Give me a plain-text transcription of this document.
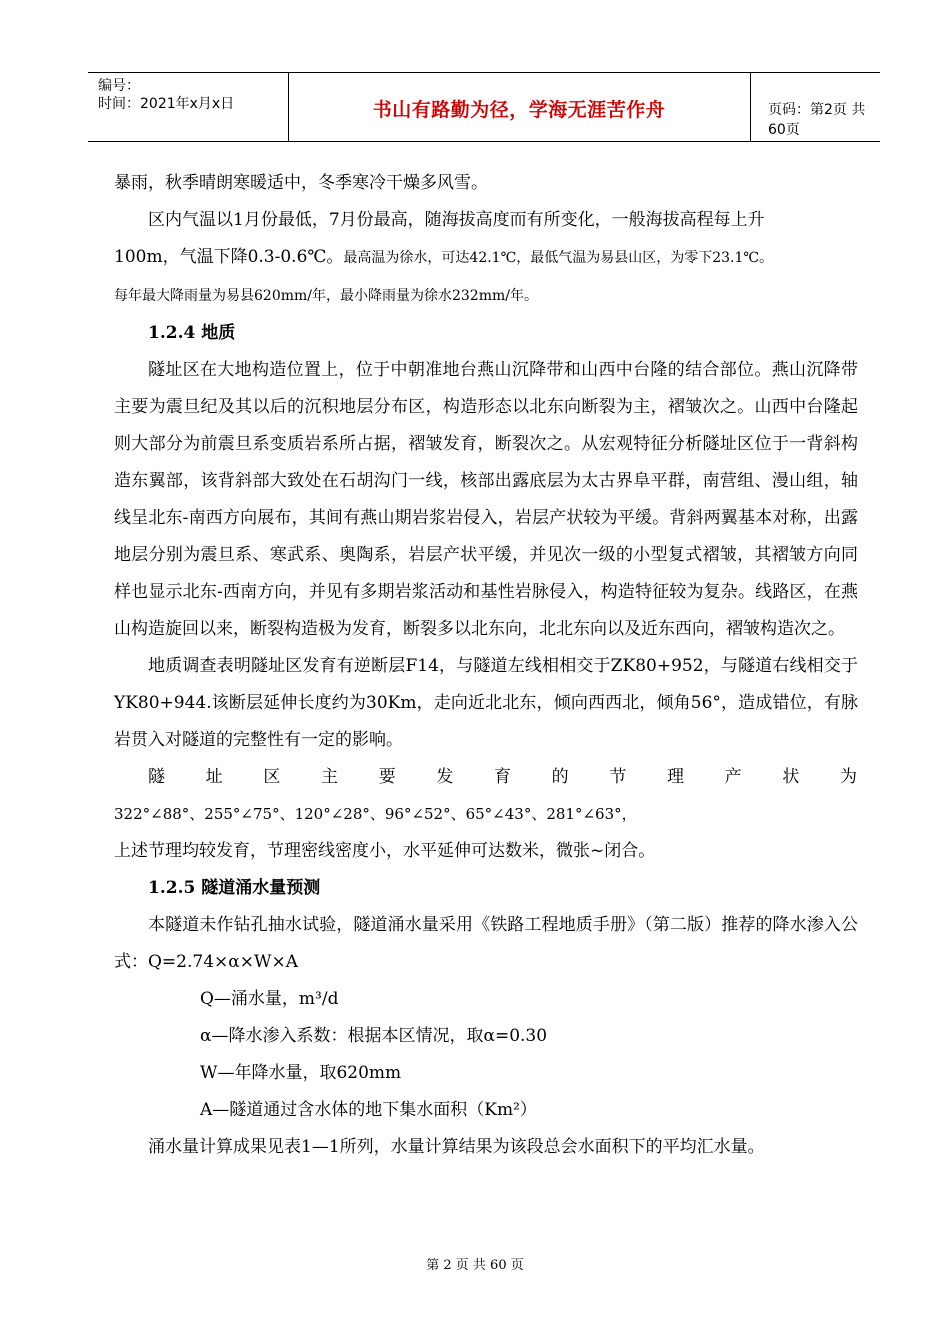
编号：
时间：2021年x月x日	书山有路勤为径，学海无涯苦作舟	页码：第2页 共60页

暴雨，秋季晴朗寒暖适中，冬季寒冷干燥多风雪。

区内气温以1月份最低，7月份最高，随海拔高度而有所变化，一般海拔高程每上升
100m，气温下降0.3-0.6℃。最高温为徐水，可达42.1℃，最低气温为易县山区，为零下23.1℃。
每年最大降雨量为易县620mm/年，最小降雨量为徐水232mm/年。

1.2.4 地质

隧址区在大地构造位置上，位于中朝准地台燕山沉降带和山西中台隆的结合部位。燕山沉降带主要为震旦纪及其以后的沉积地层分布区，构造形态以北东向断裂为主，褶皱次之。山西中台隆起则大部分为前震旦系变质岩系所占据，褶皱发育，断裂次之。从宏观特征分析隧址区位于一背斜构造东翼部，该背斜部大致处在石胡沟门一线，核部出露底层为太古界阜平群，南营组、漫山组，轴线呈北东-南西方向展布，其间有燕山期岩浆岩侵入，岩层产状较为平缓。背斜两翼基本对称，出露地层分别为震旦系、寒武系、奥陶系，岩层产状平缓，并见次一级的小型复式褶皱，其褶皱方向同样也显示北东-西南方向，并见有多期岩浆活动和基性岩脉侵入，构造特征较为复杂。线路区，在燕山构造旋回以来，断裂构造极为发育，断裂多以北东向，北北东向以及近东西向，褶皱构造次之。

地质调查表明隧址区发育有逆断层F14，与隧道左线相相交于ZK80+952，与隧道右线相交于YK80+944.该断层延伸长度约为30Km，走向近北北东，倾向西西北，倾角56°，造成错位，有脉岩贯入对隧道的完整性有一定的影响。

隧址区主要发育的节理产状为

322°∠88°、255°∠75°、120°∠28°、96°∠52°、65°∠43°、281°∠63°，

上述节理均较发育，节理密线密度小，水平延伸可达数米，微张~闭合。

1.2.5 隧道涌水量预测

本隧道未作钻孔抽水试验，隧道涌水量采用《铁路工程地质手册》（第二版）推荐的降水渗入公式：Q=2.74×α×W×A

Q—涌水量，m³/d

α—降水渗入系数：根据本区情况，取α=0.30

W—年降水量，取620mm

A—隧道通过含水体的地下集水面积（Km²）

涌水量计算成果见表1—1所列，水量计算结果为该段总会水面积下的平均汇水量。

第 2 页 共 60 页
